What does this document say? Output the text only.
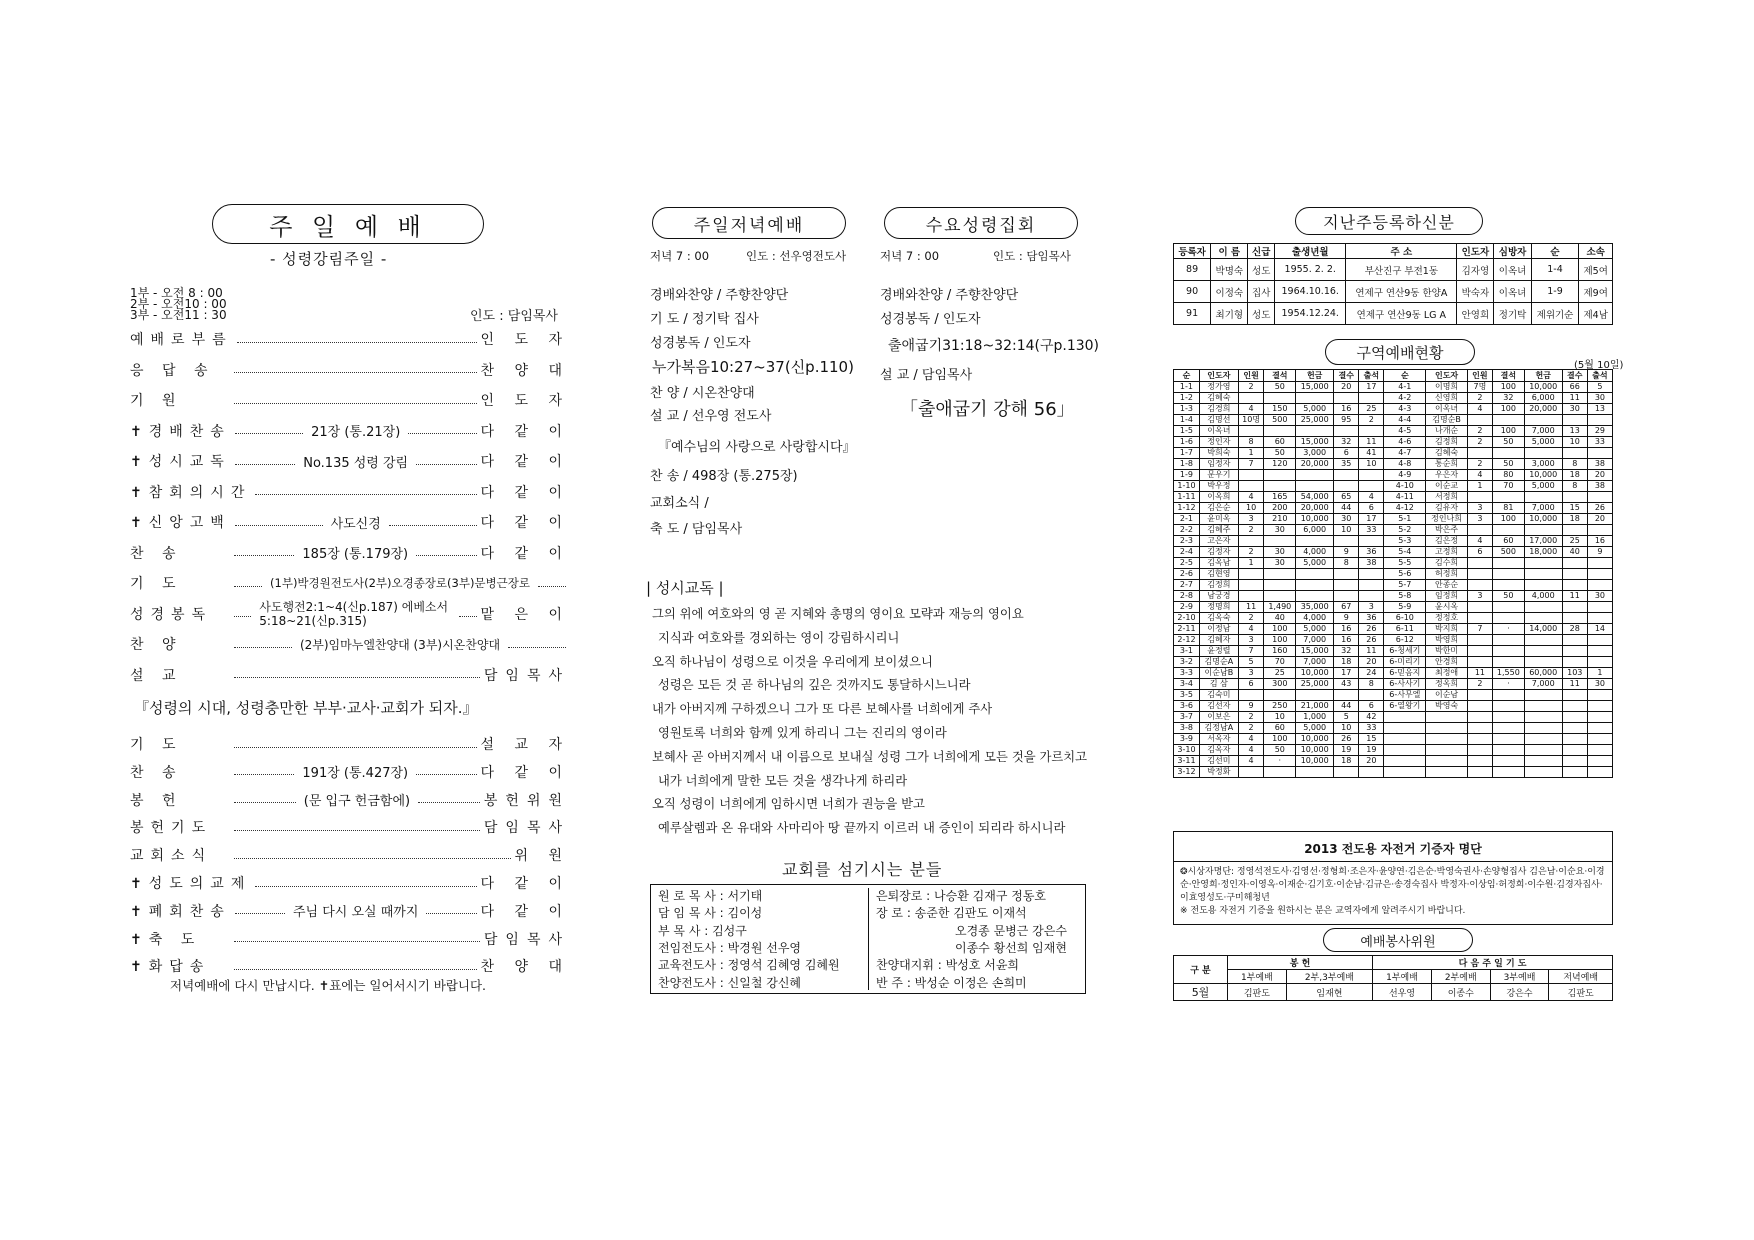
주 일 예 배
- 성령강림주일 -
1부 - 오전 8 : 00
2부 - 오전10 : 00
3부 - 오전11 : 30	인도 : 담임목사
예배로부름	인 도 자
응 답 송	찬 양 대
기 원	인 도 자
✝경배찬송	21장 (통.21장)	다 같 이
✝성시교독	No.135 성령 강림	다 같 이
✝참회의시간	다 같 이
✝신앙고백	사도신경	다 같 이
찬 송	185장 (통.179장)	다 같 이
기 도	(1부)박경원전도사(2부)오경종장로(3부)문병근장로
성경봉독	사도행전2:1~4(신p.187) 에베소서5:18~21(신p.315)	맡 은 이
찬 양	(2부)임마누엘찬양대 (3부)시온찬양대
설 교	담임목사
『성령의 시대, 성령충만한 부부·교사·교회가 되자.』
기 도	설 교 자
찬 송	191장 (통.427장)	다 같 이
봉 헌	(문 입구 헌금함에)	봉헌위원
봉헌기도	담임목사
교회소식	위 원
✝성도의교제	다 같 이
✝폐회찬송	주님 다시 오실 때까지	다 같 이
✝축 도	담임목사
✝화답송	찬 양 대
저녁예배에 다시 만납시다. ✝표에는 일어서시기 바랍니다.
주일저녁예배	수요성령집회
저녁 7 : 00	인도 : 선우영전도사	저녁 7 : 00	인도 : 담임목사
경배와찬양 / 주향찬양단
기 도 / 정기탁 집사
성경봉독 / 인도자
누가복음10:27~37(신p.110)
찬 양 / 시온찬양대
설 교 / 선우영 전도사
『예수님의 사랑으로 사랑합시다』
찬 송 / 498장 (통.275장)
교회소식 /
축 도 / 담임목사
경배와찬양 / 주향찬양단
성경봉독 / 인도자
출애굽기31:18~32:14(구p.130)
설 교 / 담임목사
「출애굽기 강해 56」
| 성시교독 |
그의 위에 여호와의 영 곧 지혜와 총명의 영이요 모략과 재능의 영이요
지식과 여호와를 경외하는 영이 강림하시리니
오직 하나님이 성령으로 이것을 우리에게 보이셨으니
성령은 모든 것 곧 하나님의 깊은 것까지도 통달하시느니라
내가 아버지께 구하겠으니 그가 또 다른 보혜사를 너희에게 주사
영원토록 너희와 함께 있게 하리니 그는 진리의 영이라
보혜사 곧 아버지께서 내 이름으로 보내실 성령 그가 너희에게 모든 것을 가르치고
내가 너희에게 말한 모든 것을 생각나게 하리라
오직 성령이 너희에게 임하시면 너희가 권능을 받고
예루살렘과 온 유대와 사마리아 땅 끝까지 이르러 내 증인이 되리라 하시니라
교회를 섬기시는 분들
원 로 목 사 : 서기태
담 임 목 사 : 김이성
부 목 사 : 김성구
전임전도사 : 박경원 선우영
교육전도사 : 정영석 김혜영 김혜원
찬양전도사 : 신일철 강신혜
은퇴장로 : 나승환 김재구 정동호
장 로 : 송준한 김판도 이재석
오경종 문병근 강은수
이종수 황선희 임재현
찬양대지휘 : 박성호 서윤희
반 주 : 박성순 이정은 손희미
지난주등록하신분
등록자	이 름	신급	출생년월	주 소	인도자	심방자	순	소속
89	박명숙	성도	1955. 2. 2.	부산진구 부전1동	김자영	이옥녀	1-4	제5여
90	이정숙	집사	1964.10.16.	연제구 연산9동 한양A	박숙자	이옥녀	1-9	제9여
91	최기형	성도	1954.12.24.	연제구 연산9동 LG A	안영희	정기탁	제위기순	제4남
구역예배현황
(5월 10일)
순	인도자	인원	결석	헌금	결수	출석	순	인도자	인원	결석	헌금	결수	출석
1-1	정가영	2	50	15,000	20	17	4-1	이명희	7명	100	10,000	66	5
1-2	김혜숙						4-2	신영희	2	32	6,000	11	30
1-3	김경희	4	150	5,000	16	25	4-3	이옥녀	4	100	20,000	30	13
1-4	김명선	10명	500	25,000	95	2	4-4	김명순B					
1-5	이옥녀						4-5	나개순	2	100	7,000	13	29
1-6	정인자	8	60	15,000	32	11	4-6	김정희	2	50	5,000	10	33
1-7	박희숙	1	50	3,000	6	41	4-7	김혜숙					
1-8	임정자	7	120	20,000	35	10	4-8	통순희	2	50	3,000	8	38
1-9	문우기						4-9	우은자	4	80	10,000	18	20
1-10	박우정						4-10	이순교	1	70	5,000	8	38
1-11	이옥희	4	165	54,000	65	4	4-11	서정희					
1-12	김은순	10	200	20,000	44	6	4-12	김유자	3	81	7,000	15	26
2-1	윤미옥	3	210	10,000	30	17	5-1	정인나희	3	100	10,000	18	20
2-2	김혜주	2	30	6,000	10	33	5-2	박은주					
2-3	고은자						5-3	김은정	4	60	17,000	25	16
2-4	김정자	2	30	4,000	9	36	5-4	고정희	6	500	18,000	40	9
2-5	김옥남	1	30	5,000	8	38	5-5	김수희					
2-6	김현영						5-6	허정희					
2-7	김정희						5-7	안종순					
2-8	남궁경						5-8	임정희	3	50	4,000	11	30
2-9	정명희	11	1,490	35,000	67	3	5-9	윤시옥					
2-10	김옥숙	2	40	4,000	9	36	6-10	정정호					
2-11	이정남	4	100	5,000	16	26	6-11	박지희	7	·	14,000	28	14
2-12	김혜자	3	100	7,000	16	26	6-12	박영희					
3-1	윤정렬	7	160	15,000	32	11	6-청세기	박한미					
3-2	김명순A	5	70	7,000	18	20	6-미리기	안경희					
3-3	이순남B	3	25	10,000	17	24	6-믿음지	최정애	11	1,550	60,000	103	1
3-4	김 삼	6	300	25,000	43	8	6-사사기	정옥희	2	·	7,000	11	30
3-5	김숙미						6-사무엘	이순남					
3-6	김선자	9	250	21,000	44	6	6-열왕기	박영숙					
3-7	이보은	2	10	1,000	5	42							
3-8	김정남A	2	60	5,000	10	33							
3-9	서옥자	4	100	10,000	26	15							
3-10	김옥자	4	50	10,000	19	19							
3-11	김선미	4	·	10,000	18	20							
3-12	박정화												
2013 전도용 자전거 기증자 명단
❂시상자명단: 정영석전도사·김영선·정형희·조은자·윤양연·김은순·박영숙권사·손양형집사 김은남·이순요·이경순·안영희·정인자·이영옥·이재순·김기호·이순남·김규은·송경숙집사 박정자·이상임·허정희·이수원·김경자집사·이효영성도·구미해청년
※ 전도용 자전거 기증을 원하시는 분은 교역자에게 알려주시기 바랍니다.
예배봉사위원
구 분	봉 헌		다 음 주 일 기 도			
	1부예배	2부,3부예배	1부예배	2부예배	3부예배	저녁예배
5월	김판도	임재현	선우영	이종수	강은수	김판도
